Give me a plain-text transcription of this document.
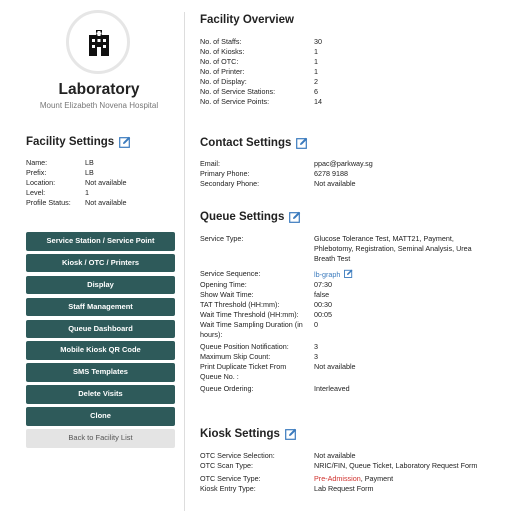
Laboratory
Mount Elizabeth Novena Hospital
Facility Settings
Name:	LB
Prefix:	LB
Location:	Not available
Level:	1
Profile Status:	Not available
Service Station / Service Point
Kiosk / OTC / Printers
Display
Staff Management
Queue Dashboard
Mobile Kiosk QR Code
SMS Templates
Delete Visits
Clone
Back to Facility List
Facility Overview
No. of Staffs:	30
No. of Kiosks:	1
No. of OTC:	1
No. of Printer:	1
No. of Display:	2
No. of Service Stations:	6
No. of Service Points:	14
Contact Settings
Email:	ppac@parkway.sg
Primary Phone:	6278 9188
Secondary Phone:	Not available
Queue Settings
Service Type:	Glucose Tolerance Test, MATT21, Payment, Phlebotomy, Registration, Seminal Analysis, Urea Breath Test
Service Sequence:	lb-graph
Opening Time:	07:30
Show Wait Time:	false
TAT Threshold (HH:mm):	00:30
Wait Time Threshold (HH:mm):	00:05
Wait Time Sampling Duration (in	0
hours):
Queue Position Notification:	3
Maximum Skip Count:	3
Print Duplicate Ticket From	Not available
Queue No. :
Queue Ordering:	Interleaved
Kiosk Settings
OTC Service Selection:	Not available
OTC Scan Type:	NRIC/FIN, Queue Ticket, Laboratory Request Form
OTC Service Type:	Pre-Admission, Payment
Kiosk Entry Type:	Lab Request Form
